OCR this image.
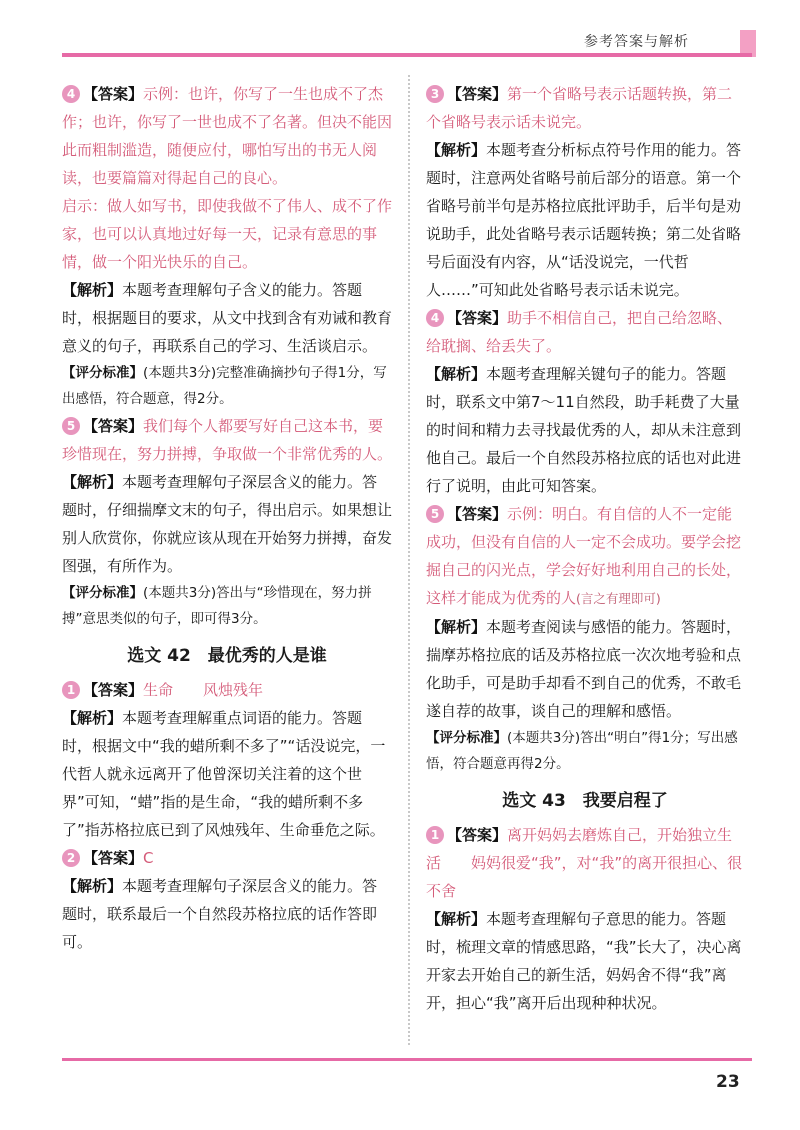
参考答案与解析

4 【答案】示例：也许，你写了一生也成不了杰作；也许，你写了一世也成不了名著。但决不能因此而粗制滥造，随便应付，哪怕写出的书无人阅读，也要篇篇对得起自己的良心。

启示：做人如写书，即使我做不了伟人、成不了作家，也可以认真地过好每一天，记录有意思的事情，做一个阳光快乐的自己。

【解析】本题考查理解句子含义的能力。答题时，根据题目的要求，从文中找到含有劝诫和教育意义的句子，再联系自己的学习、生活谈启示。

【评分标准】(本题共3分)完整准确摘抄句子得1分，写出感悟，符合题意，得2分。

5 【答案】我们每个人都要写好自己这本书，要珍惜现在，努力拼搏，争取做一个非常优秀的人。

【解析】本题考查理解句子深层含义的能力。答题时，仔细揣摩文末的句子，得出启示。如果想让别人欣赏你，你就应该从现在开始努力拼搏，奋发图强，有所作为。

【评分标准】(本题共3分)答出与“珍惜现在，努力拼搏”意思类似的句子，即可得3分。

选文 42　最优秀的人是谁

1 【答案】生命　　风烛残年

【解析】本题考查理解重点词语的能力。答题时，根据文中“我的蜡所剩不多了”“话没说完，一代哲人就永远离开了他曾深切关注着的这个世界”可知，“蜡”指的是生命，“我的蜡所剩不多了”指苏格拉底已到了风烛残年、生命垂危之际。

2 【答案】C

【解析】本题考查理解句子深层含义的能力。答题时，联系最后一个自然段苏格拉底的话作答即可。

3 【答案】第一个省略号表示话题转换，第二个省略号表示话未说完。

【解析】本题考查分析标点符号作用的能力。答题时，注意两处省略号前后部分的语意。第一个省略号前半句是苏格拉底批评助手，后半句是劝说助手，此处省略号表示话题转换；第二处省略号后面没有内容，从“话没说完，一代哲人……”可知此处省略号表示话未说完。

4 【答案】助手不相信自己，把自己给忽略、给耽搁、给丢失了。

【解析】本题考查理解关键句子的能力。答题时，联系文中第7～11自然段，助手耗费了大量的时间和精力去寻找最优秀的人，却从未注意到他自己。最后一个自然段苏格拉底的话也对此进行了说明，由此可知答案。

5 【答案】示例：明白。有自信的人不一定能成功，但没有自信的人一定不会成功。要学会挖掘自己的闪光点，学会好好地利用自己的长处，这样才能成为优秀的人(言之有理即可)

【解析】本题考查阅读与感悟的能力。答题时，揣摩苏格拉底的话及苏格拉底一次次地考验和点化助手，可是助手却看不到自己的优秀，不敢毛遂自荐的故事，谈自己的理解和感悟。

【评分标准】(本题共3分)答出“明白”得1分；写出感悟，符合题意再得2分。

选文 43　我要启程了

1 【答案】离开妈妈去磨炼自己，开始独立生活　　妈妈很爱“我”，对“我”的离开很担心、很不舍

【解析】本题考查理解句子意思的能力。答题时，梳理文章的情感思路，“我”长大了，决心离开家去开始自己的新生活，妈妈舍不得“我”离开，担心“我”离开后出现种种状况。

23
